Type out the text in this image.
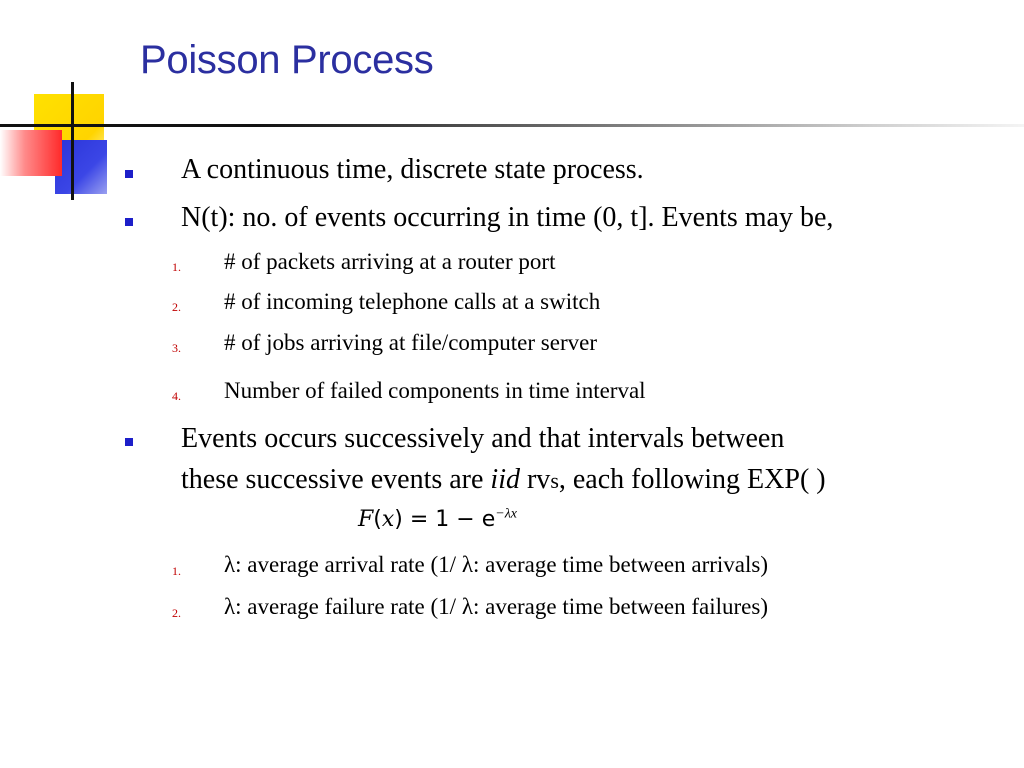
Poisson Process
A continuous time, discrete state process.
N(t): no. of events occurring in time (0, t]. Events may be,
1. # of packets arriving at a router port
2. # of incoming telephone calls at a switch
3. # of jobs arriving at file/computer server
4. Number of failed components in time interval
Events occurs successively and that intervals between
these successive events are iid rvs, each following EXP( )
$F(x) = 1 - e^{-\lambda x}$
1. λ: average arrival rate (1/ λ: average time between arrivals)
2. λ: average failure rate (1/ λ: average time between failures)
